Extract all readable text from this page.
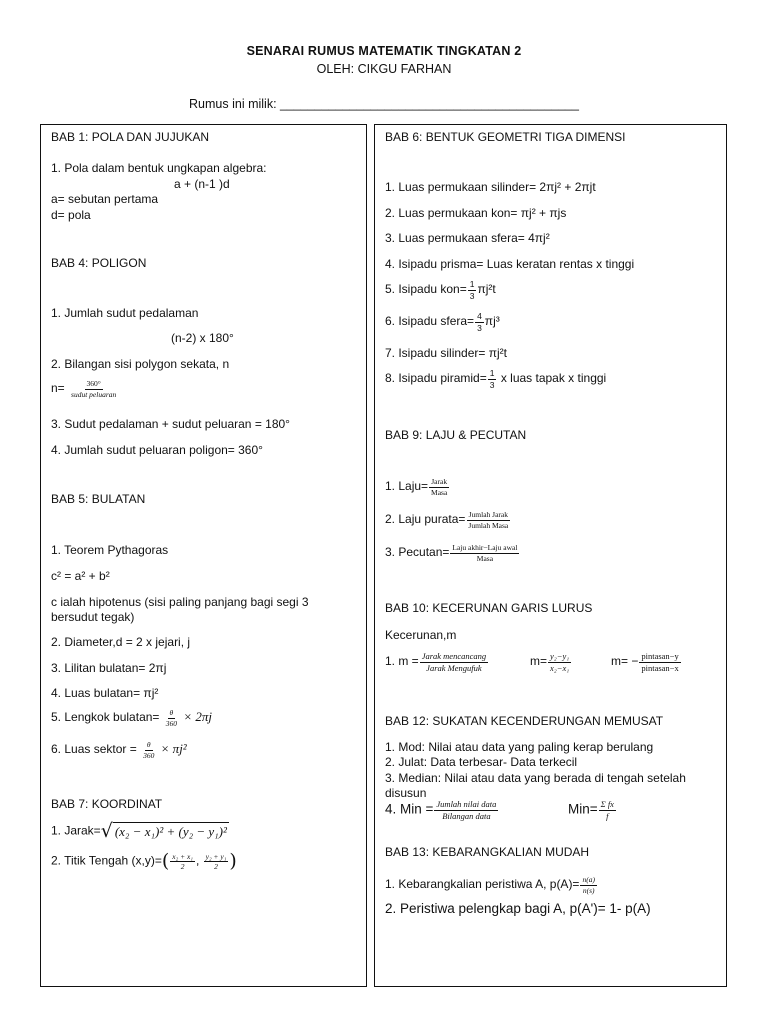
SENARAI RUMUS MATEMATIK TINGKATAN 2
OLEH: CIKGU FARHAN
Rumus ini milik: ___________________________________________
BAB 1: POLA DAN JUJUKAN
1. Pola dalam bentuk ungkapan algebra:
a + (n-1 )d
a= sebutan pertama
d= pola
BAB 4: POLIGON
1. Jumlah sudut pedalaman
(n-2) x 180°
2. Bilangan sisi polygon sekata, n
$n= \frac{360^\circ}{\text{sudut peluaran}}$
3. Sudut pedalaman + sudut peluaran = 180°
4. Jumlah sudut peluaran poligon= 360°
BAB 5: BULATAN
1. Teorem Pythagoras
c² = a² + b²
c ialah hipotenus (sisi paling panjang bagi segi 3 bersudut tegak)
2. Diameter,d = 2 x jejari, j
3. Lilitan bulatan= 2πj
4. Luas bulatan= πj²
5. Lengkok bulatan= $\frac{\theta}{360} \times 2\pi j$
6. Luas sektor = $\frac{\theta}{360} \times \pi j^2$
BAB 7: KOORDINAT
1. Jarak= √ (x₂ − x₁)² + (y₂ − y₁)²
2. Titik Tengah $(x,y)=( \frac{\text{x₂ + x₁}}{2}$ , $\frac{\text{y₂ + y₁}}{2}$ )
BAB 6: BENTUK GEOMETRI TIGA DIMENSI
1. Luas permukaan silinder= 2πj² + 2πjt
2. Luas permukaan kon= πj² + πjs
3. Luas permukaan sfera= 4πj²
4. Isipadu prisma= Luas keratan rentas x tinggi
5. Isipadu $kon= \frac{1}{3} \pi j^2t$
6. Isipadu sfera= $\frac{4}{3} \pi j^3$
7. Isipadu silinder= πj²t
8. Isipadu piramid= $\frac{1}{3}$ x luas tapak x tinggi
BAB 9: LAJU & PECUTAN
1. Laju= $\frac{\text{Jarak}}{\text{Masa}}$
2. Laju purata= $\frac{\text{Jumlah Jarak}}{\text{Jumlah Masa}}$
3. Pecutan= $\frac{\text{Laju akhir−Laju awal}}{\text{Masa}}$
BAB 10: KECERUNAN GARIS LURUS
Kecerunan,m
1. $m = \frac{\text{Jarak mencancang}}{\text{Jarak Mengufuk}}$	$m= \frac{\text{y₂−y₁}}{\text{x₂−x₁}}$	$m= - \frac{\text{pintasan−y}}{\text{pintasan−x}}$
BAB 12: SUKATAN KECENDERUNGAN MEMUSAT
1. Mod: Nilai atau data yang paling kerap berulang
2. Julat: Data terbesar- Data terkecil
3. Median: Nilai atau data yang berada di tengah setelah disusun
4. Min = $\frac{\text{Jumlah nilai data}}{\text{Bilangan data}}$	$Min= \frac{\text{Σ fx}}{f}$
BAB 13: KEBARANGKALIAN MUDAH
1. Kebarangkalian peristiwa A, $p(A)= \frac{n(a)}{n(s)}$
2. Peristiwa pelengkap bagi A, p(A')= 1- p(A)
